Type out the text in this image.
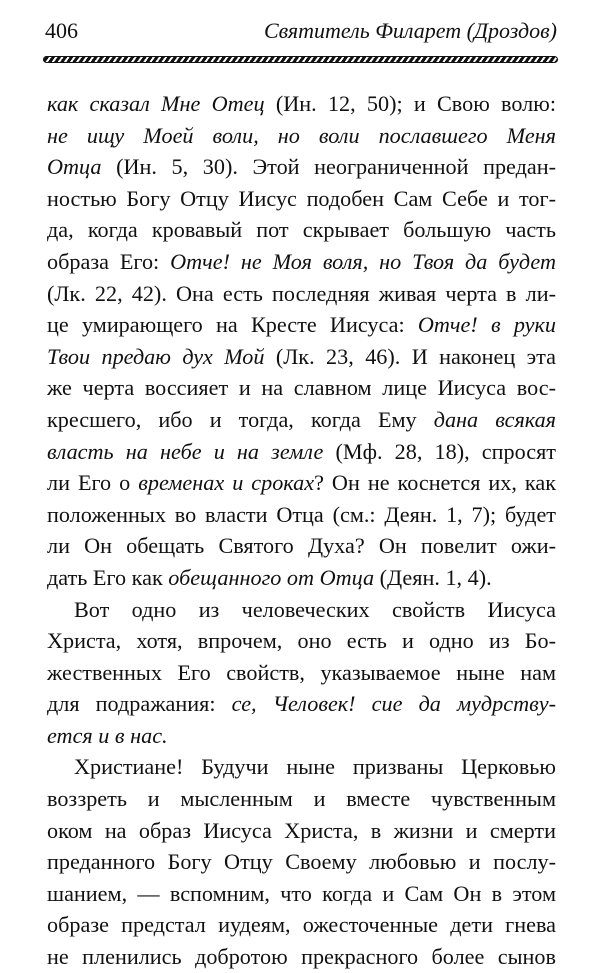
406	Святитель Филарет (Дроздов)
как сказал Мне Отец (Ин. 12, 50); и Свою волю:
не ищу Моей воли, но воли пославшего Меня
Отца (Ин. 5, 30). Этой неограниченной предан-
ностью Богу Отцу Иисус подобен Сам Себе и тог-
да, когда кровавый пот скрывает большую часть
образа Его: Отче! не Моя воля, но Твоя да будет
(Лк. 22, 42). Она есть последняя живая черта в ли-
це умирающего на Кресте Иисуса: Отче! в руки
Твои предаю дух Мой (Лк. 23, 46). И наконец эта
же черта воссияет и на славном лице Иисуса вос-
кресшего, ибо и тогда, когда Ему дана всякая
власть на небе и на земле (Мф. 28, 18), спросят
ли Его о временах и сроках? Он не коснется их, как
положенных во власти Отца (см.: Деян. 1, 7); будет
ли Он обещать Святого Духа? Он повелит ожи-
дать Его как обещанного от Отца (Деян. 1, 4).
Вот одно из человеческих свойств Иисуса
Христа, хотя, впрочем, оно есть и одно из Бо-
жественных Его свойств, указываемое ныне нам
для подражания: се, Человек! сие да мудрству-
ется и в нас.
Христиане! Будучи ныне призваны Церковью
воззреть и мысленным и вместе чувственным
оком на образ Иисуса Христа, в жизни и смерти
преданного Богу Отцу Своему любовью и послу-
шанием, — вспомним, что когда и Сам Он в этом
образе предстал иудеям, ожесточенные дети гнева
не пленились добротою прекрасного более сынов
